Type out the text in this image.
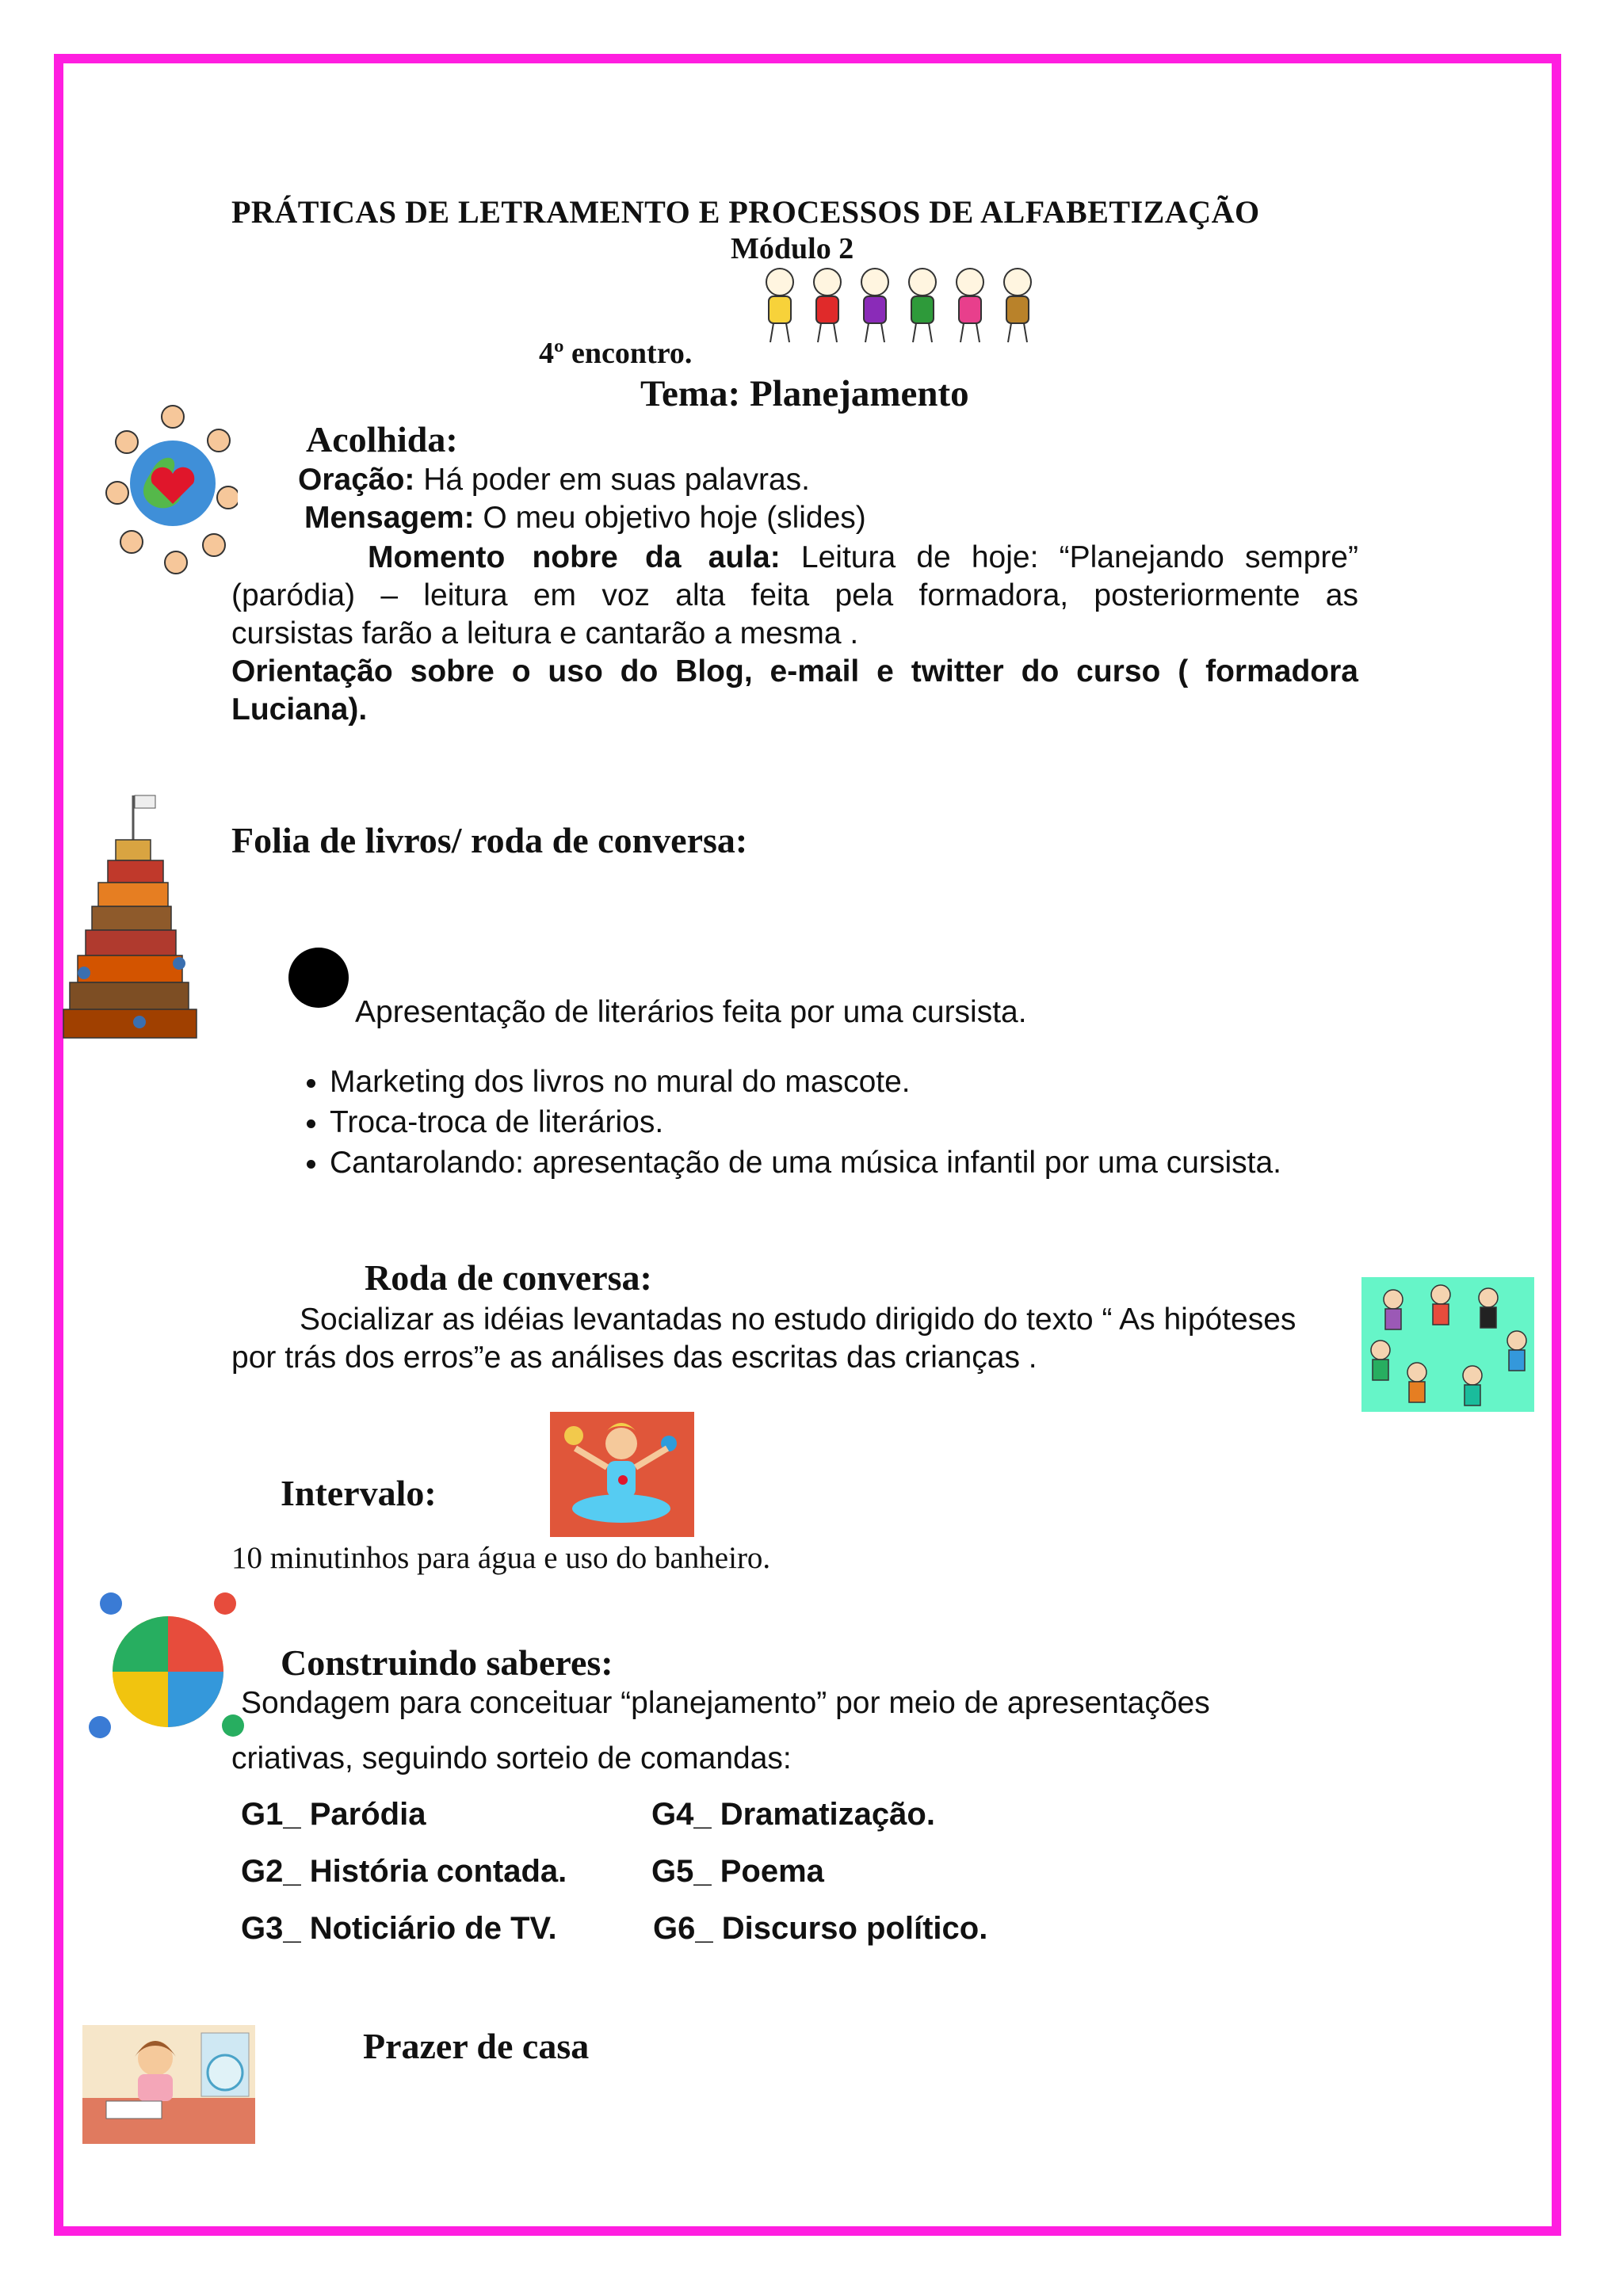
PRÁTICAS DE LETRAMENTO E PROCESSOS DE ALFABETIZAÇÃO
Módulo 2
4º encontro.
Tema: Planejamento
Acolhida:
Oração: Há poder em suas palavras.
Mensagem: O meu objetivo hoje (slides)
Momento nobre da aula: Leitura de hoje: “Planejando sempre”
(paródia) – leitura em voz alta feita pela formadora, posteriormente as
cursistas farão a leitura e cantarão a mesma .
Orientação sobre o uso do Blog, e-mail e twitter do curso ( formadora
Luciana).
Folia de livros/ roda de conversa:
Apresentação de literários feita por uma cursista.
• Marketing dos livros no mural do mascote.
• Troca-troca de literários.
• Cantarolando: apresentação de uma música infantil por uma cursista.
Roda de conversa:
Socializar as idéias levantadas no estudo dirigido do texto “ As hipóteses
por trás dos erros”e as análises das escritas das crianças .
Intervalo:
10 minutinhos para água e uso do banheiro.
Construindo saberes:
Sondagem para conceituar “planejamento” por meio de apresentações
criativas, seguindo sorteio de comandas:
G1_ Paródia	G4_ Dramatização.
G2_ História contada.	G5_ Poema
G3_ Noticiário de TV.	G6_ Discurso político.
Prazer de casa
